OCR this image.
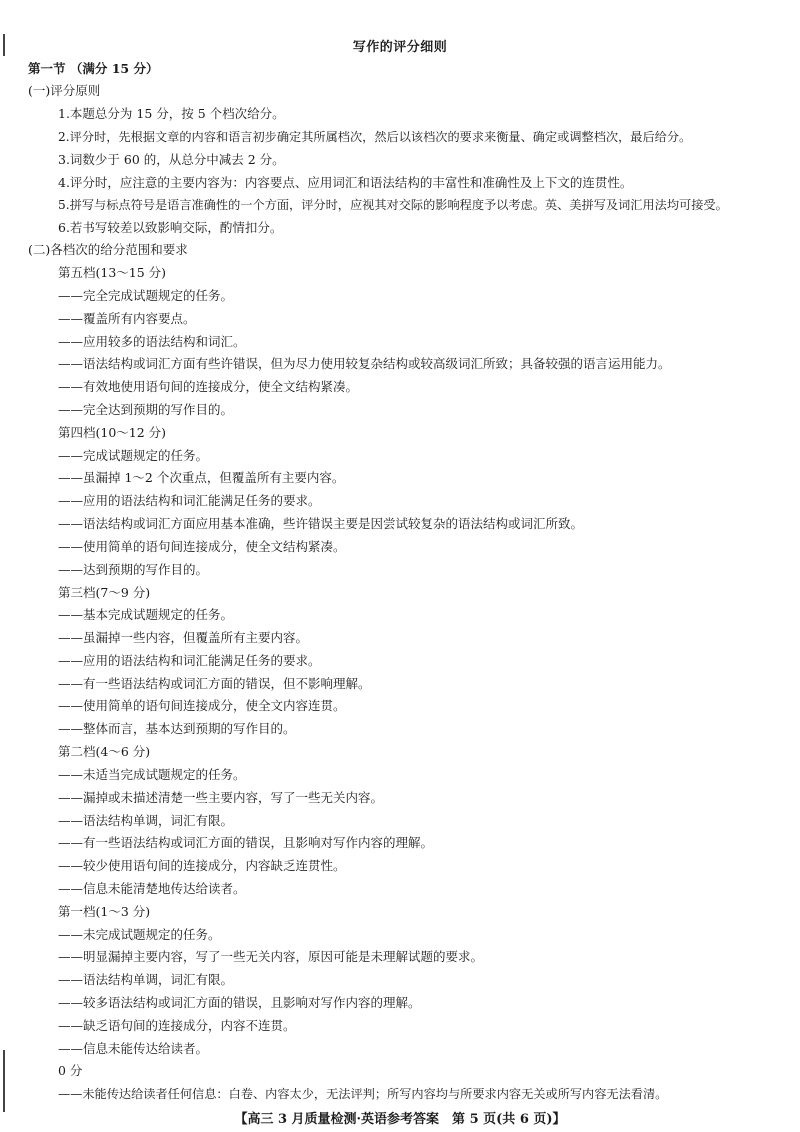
写作的评分细则
第一节 （满分 15 分）
(一)评分原则
1.本题总分为 15 分，按 5 个档次给分。
2.评分时，先根据文章的内容和语言初步确定其所属档次，然后以该档次的要求来衡量、确定或调整档次，最后给分。
3.词数少于 60 的，从总分中减去 2 分。
4.评分时，应注意的主要内容为：内容要点、应用词汇和语法结构的丰富性和准确性及上下文的连贯性。
5.拼写与标点符号是语言准确性的一个方面，评分时，应视其对交际的影响程度予以考虑。英、美拼写及词汇用法均可接受。
6.若书写较差以致影响交际，酌情扣分。
(二)各档次的给分范围和要求
第五档(13～15 分)
——完全完成试题规定的任务。
——覆盖所有内容要点。
——应用较多的语法结构和词汇。
——语法结构或词汇方面有些许错误，但为尽力使用较复杂结构或较高级词汇所致；具备较强的语言运用能力。
——有效地使用语句间的连接成分，使全文结构紧凑。
——完全达到预期的写作目的。
第四档(10～12 分)
——完成试题规定的任务。
——虽漏掉 1～2 个次重点，但覆盖所有主要内容。
——应用的语法结构和词汇能满足任务的要求。
——语法结构或词汇方面应用基本准确，些许错误主要是因尝试较复杂的语法结构或词汇所致。
——使用简单的语句间连接成分，使全文结构紧凑。
——达到预期的写作目的。
第三档(7～9 分)
——基本完成试题规定的任务。
——虽漏掉一些内容，但覆盖所有主要内容。
——应用的语法结构和词汇能满足任务的要求。
——有一些语法结构或词汇方面的错误，但不影响理解。
——使用简单的语句间连接成分，使全文内容连贯。
——整体而言，基本达到预期的写作目的。
第二档(4～6 分)
——未适当完成试题规定的任务。
——漏掉或未描述清楚一些主要内容，写了一些无关内容。
——语法结构单调，词汇有限。
——有一些语法结构或词汇方面的错误，且影响对写作内容的理解。
——较少使用语句间的连接成分，内容缺乏连贯性。
——信息未能清楚地传达给读者。
第一档(1～3 分)
——未完成试题规定的任务。
——明显漏掉主要内容，写了一些无关内容，原因可能是未理解试题的要求。
——语法结构单调，词汇有限。
——较多语法结构或词汇方面的错误，且影响对写作内容的理解。
——缺乏语句间的连接成分，内容不连贯。
——信息未能传达给读者。
0 分
——未能传达给读者任何信息：白卷、内容太少，无法评判；所写内容均与所要求内容无关或所写内容无法看清。
【高三 3 月质量检测·英语参考答案　第 5 页(共 6 页)】
